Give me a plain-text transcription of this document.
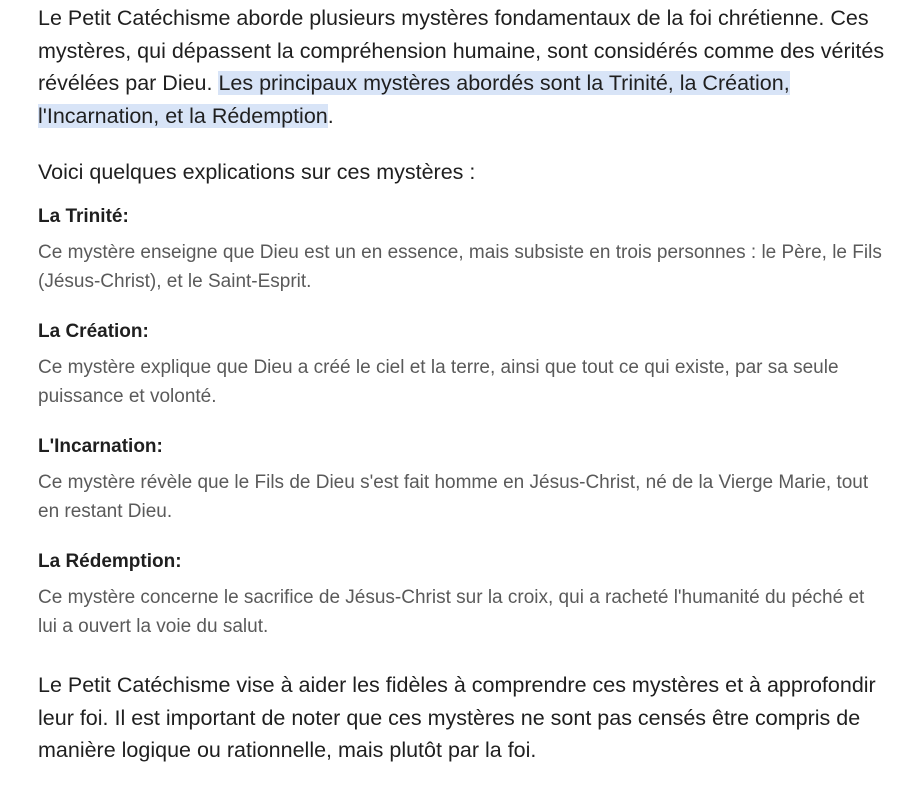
Le Petit Catéchisme aborde plusieurs mystères fondamentaux de la foi chrétienne. Ces mystères, qui dépassent la compréhension humaine, sont considérés comme des vérités révélées par Dieu. Les principaux mystères abordés sont la Trinité, la Création, l'Incarnation, et la Rédemption.

Voici quelques explications sur ces mystères :

La Trinité:

Ce mystère enseigne que Dieu est un en essence, mais subsiste en trois personnes : le Père, le Fils (Jésus-Christ), et le Saint-Esprit.

La Création:

Ce mystère explique que Dieu a créé le ciel et la terre, ainsi que tout ce qui existe, par sa seule puissance et volonté.

L'Incarnation:

Ce mystère révèle que le Fils de Dieu s'est fait homme en Jésus-Christ, né de la Vierge Marie, tout en restant Dieu.

La Rédemption:

Ce mystère concerne le sacrifice de Jésus-Christ sur la croix, qui a racheté l'humanité du péché et lui a ouvert la voie du salut.

Le Petit Catéchisme vise à aider les fidèles à comprendre ces mystères et à approfondir leur foi. Il est important de noter que ces mystères ne sont pas censés être compris de manière logique ou rationnelle, mais plutôt par la foi.
